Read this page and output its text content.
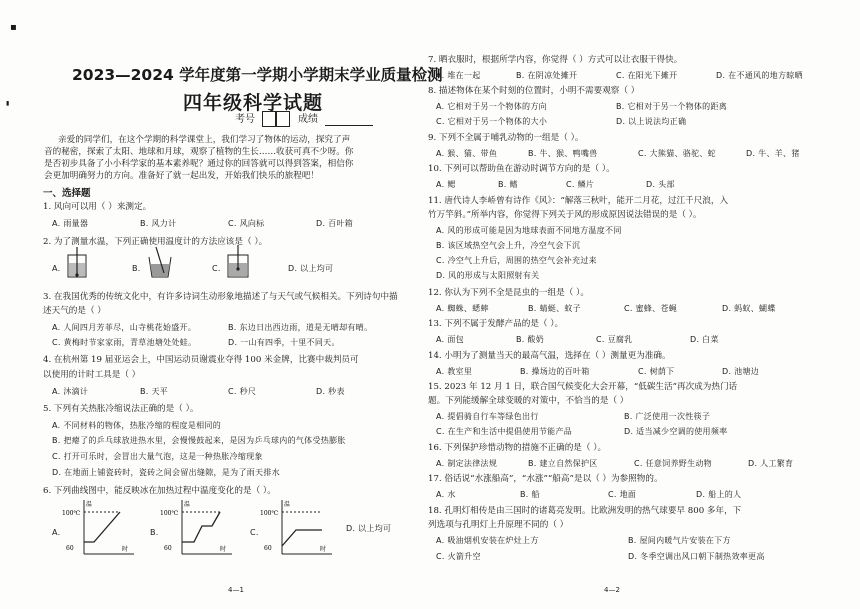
▪
▮
2023—2024 学年度第一学期小学期末学业质量检测
四年级科学试题
考号	成绩
亲爱的同学们，在这个学期的科学课堂上，我们学习了物体的运动，探究了声
音的秘密，探索了太阳、地球和月球，观察了植物的生长……收获可真不少呀。你
是否初步具备了小小科学家的基本素养呢？通过你的回答就可以得到答案，相信你
会更加明确努力的方向。准备好了就一起出发，开始我们快乐的旅程吧！
一、选择题
1. 风向可以用（ ）来测定。
A. 雨量器	B. 风力计	C. 风向标	D. 百叶箱
2. 为了测量水温，下列正确使用温度计的方法应该是（ ）。
A.	B.	C.	D. 以上均可
3. 在我国优秀的传统文化中，有许多诗词生动形象地描述了与天气或气候相关。下列诗句中描
述天气的是（ ）
A. 人间四月芳菲尽，山寺桃花始盛开。	B. 东边日出西边雨，道是无晴却有晴。
C. 黄梅时节家家雨，青草池塘处处蛙。	D. 一山有四季，十里不同天。
4. 在杭州第 19 届亚运会上，中国运动员谢震业夺得 100 米金牌，比赛中裁判员可
以使用的计时工具是（ ）
A. 沐滴计	B. 天平	C. 秒尺	D. 秒表
5. 下列有关热胀冷缩说法正确的是（ ）。
A. 不同材料的物体，热胀冷缩的程度是相同的
B. 把瘪了的乒乓球放进热水里，会慢慢鼓起来，是因为乒乓球内的气体受热膨胀
C. 打开可乐时，会冒出大量气泡，这是一种热胀冷缩现象
D. 在地面上铺瓷砖时，瓷砖之间会留出缝隙，是为了雨天排水
6. 下列曲线图中，能反映冰在加热过程中温度变化的是（ ）。
A.
100℃
温
60	时
B.
100℃
温
60	时
C.
100℃
温
60	时
D. 以上均可
4—1
7. 晒衣服时，根据所学内容，你觉得（ ）方式可以让衣服干得快。
A. 堆在一起	B. 在阴凉处摊开	C. 在阳光下摊开	D. 在不通风的地方晾晒
8. 描述物体在某个时刻的位置时，小明不需要观察（ ）
A. 它相对于另一个物体的方向	B. 它相对于另一个物体的距离
C. 它相对于另一个物体的大小	D. 以上说法均正确
9. 下列不全属于哺乳动物的一组是（ ）。
A. 猴、猫、带鱼	B. 牛、猴、鸭嘴兽	C. 大熊猫、骆驼、蛇	D. 牛、羊、猪
10. 下列可以帮助鱼在游动时调节方向的是（ ）。
A. 鳃	B. 鳍	C. 鳞片	D. 头部
11. 唐代诗人李峤曾有诗作《风》：“解落三秋叶，能开二月花，过江千尺浪，入
竹万竿斜。”所举内容，你觉得下列关于风的形成原因说法错误的是（ ）。
A. 风的形成可能是因为地球表面不同地方温度不同
B. 该区域热空气会上升，冷空气会下沉
C. 冷空气上升后，周围的热空气会补充过来
D. 风的形成与太阳照射有关
12. 你认为下列不全是昆虫的一组是（ ）。
A. 蜘蛛、蟋蟀	B. 蜻蜓、蚊子	C. 蜜蜂、苍蝇	D. 蚂蚁、蝴蝶
13. 下列不属于发酵产品的是（ ）。
A. 面包	B. 酸奶	C. 豆腐乳	D. 白菜
14. 小明为了测量当天的最高气温，选择在（ ）测量更为准确。
A. 教室里	B. 操场边的百叶箱	C. 树荫下	D. 池塘边
15. 2023 年 12 月 1 日，联合国气候变化大会开幕，“低碳生活”再次成为热门话
题。下列能缓解全球变暖的对策中，不恰当的是（ ）
A. 提倡骑自行车等绿色出行	B. 广泛使用一次性筷子
C. 在生产和生活中提倡使用节能产品	D. 适当减少空调的使用频率
16. 下列保护珍惜动物的措施不正确的是（ ）。
A. 制定法律法规	B. 建立自然保护区	C. 任意饲养野生动物	D. 人工繁育
17. 俗话说“水涨船高”，“水涨”“船高”是以（ ）为参照物的。
A. 水	B. 船	C. 地面	D. 船上的人
18. 孔明灯相传是由三国时的诸葛亮发明。比欧洲发明的热气球要早 800 多年，下
列选项与孔明灯上升原理不同的（ ）
A. 吸油烟机安装在炉灶上方	B. 屋间内暖气片安装在下方
C. 火箭升空	D. 冬季空调出风口朝下制热效率更高
4—2
